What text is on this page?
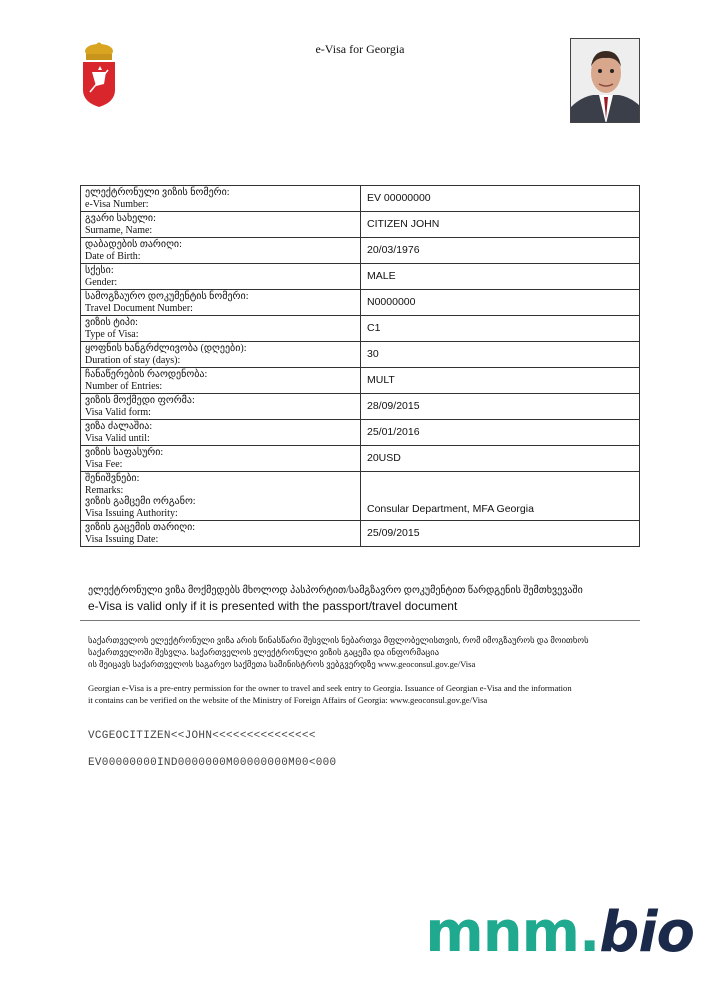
e-Visa for Georgia
ელექტრონული ვიზის ნომერი:
e-Visa Number:	EV 00000000

გვარი სახელი:
Surname, Name:	CITIZEN JOHN

დაბადების თარიღი:
Date of Birth:	20/03/1976

სქესი:
Gender:	MALE

სამოგზაურო დოკუმენტის ნომერი:
Travel Document Number:	N0000000

ვიზის ტიპი:
Type of Visa:	C1

ყოფნის ხანგრძლივობა (დღეები):
Duration of stay (days):	30

ჩანაწერების რაოდენობა:
Number of Entries:	MULT

ვიზის მოქმედი ფორმა:
Visa Valid form:	28/09/2015

ვიზა ძალაშია:
Visa Valid until:	25/01/2016

ვიზის საფასური:
Visa Fee:	20USD

შენიშვნები:
Remarks:
ვიზის გამცემი ორგანო:
Visa Issuing Authority:	Consular Department, MFA Georgia

ვიზის გაცემის თარიღი:
Visa Issuing Date:	25/09/2015
ელექტრონული ვიზა მოქმედებს მხოლოდ პასპორტით/სამგზავრო დოკუმენტით წარდგენის შემთხვევაში
e-Visa is valid only if it is presented with the passport/travel document
საქართველოს ელექტრონული ვიზა არის წინასწარი შესვლის ნებართვა მფლობელისთვის, რომ იმოგზაუროს და მოითხოს
საქართველოში შესვლა. საქართველოს ელექტრონული ვიზის გაცემა და ინფორმაცია
ის შეიცავს საქართველოს საგარეო საქმეთა სამინისტროს ვებგვერდზე www.geoconsul.gov.ge/Visa
Georgian e-Visa is a pre-entry permission for the owner to travel and seek entry to Georgia. Issuance of Georgian e-Visa and the information
it contains can be verified on the website of the Ministry of Foreign Affairs of Georgia: www.geoconsul.gov.ge/Visa
VCGEOCITIZEN<<JOHN<<<<<<<<<<<<<<<
EV00000000IND0000000M00000000M00<000
mnm.bio
